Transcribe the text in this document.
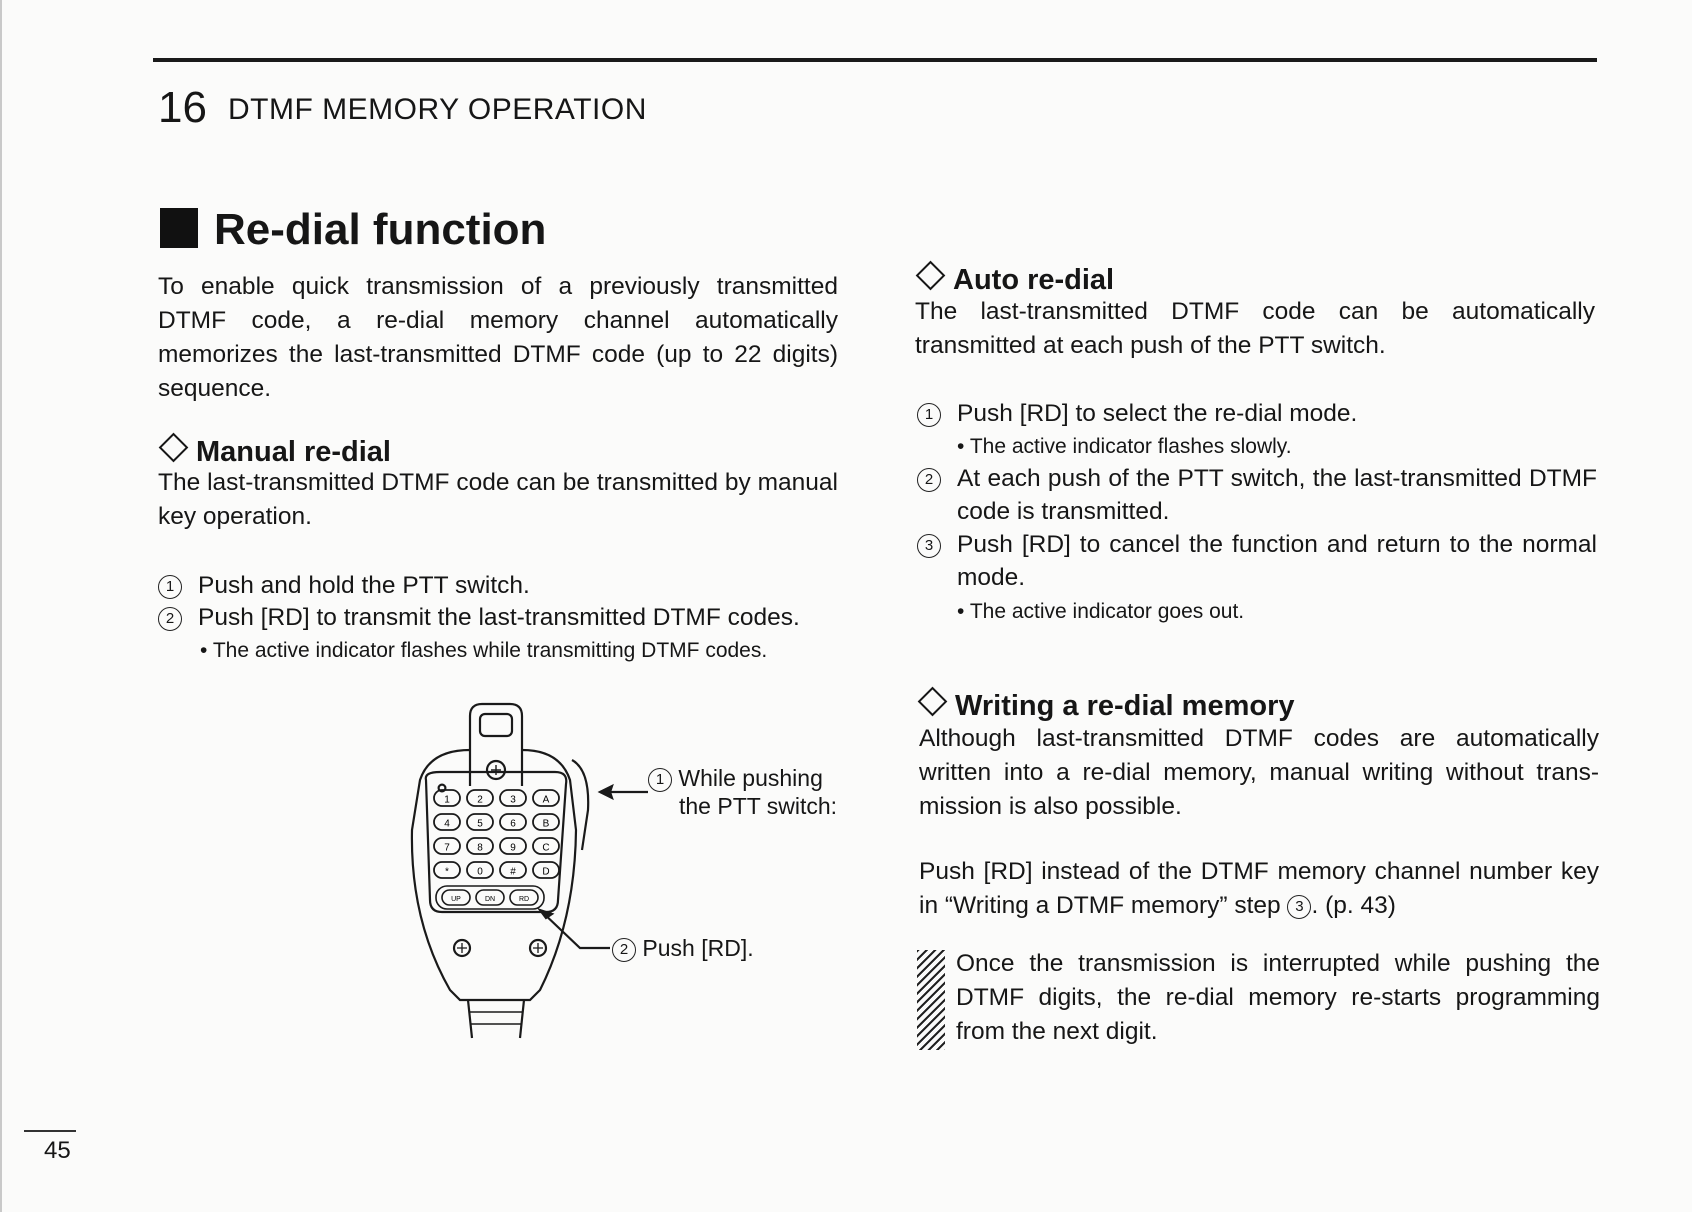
16 DTMF MEMORY OPERATION
Re-dial function
To enable quick transmission of a previously transmitted DTMF code, a re-dial memory channel automatically memorizes the last-transmitted DTMF code (up to 22 digits) sequence.
Manual re-dial
The last-transmitted DTMF code can be transmitted by manual key operation.
1 Push and hold the PTT switch.
2 Push [RD] to transmit the last-transmitted DTMF codes.
• The active indicator flashes while transmitting DTMF codes.
1	2	3	A
4	5	6	B
7	8	9	C
*	0	#	D
UP	DN	RD
1 While pushing
the PTT switch:
2 Push [RD].
Auto re-dial
The last-transmitted DTMF code can be automatically transmitted at each push of the PTT switch.
1 Push [RD] to select the re-dial mode.
• The active indicator flashes slowly.
2 At each push of the PTT switch, the last-transmitted DTMF code is transmitted.
3 Push [RD] to cancel the function and return to the normal mode.
• The active indicator goes out.
Writing a re-dial memory
Although last-transmitted DTMF codes are automatically written into a re-dial memory, manual writing without trans-mission is also possible.
Push [RD] instead of the DTMF memory channel number key in “Writing a DTMF memory” step 3 . (p. 43)
Once the transmission is interrupted while pushing the DTMF digits, the re-dial memory re-starts programming from the next digit.
45
